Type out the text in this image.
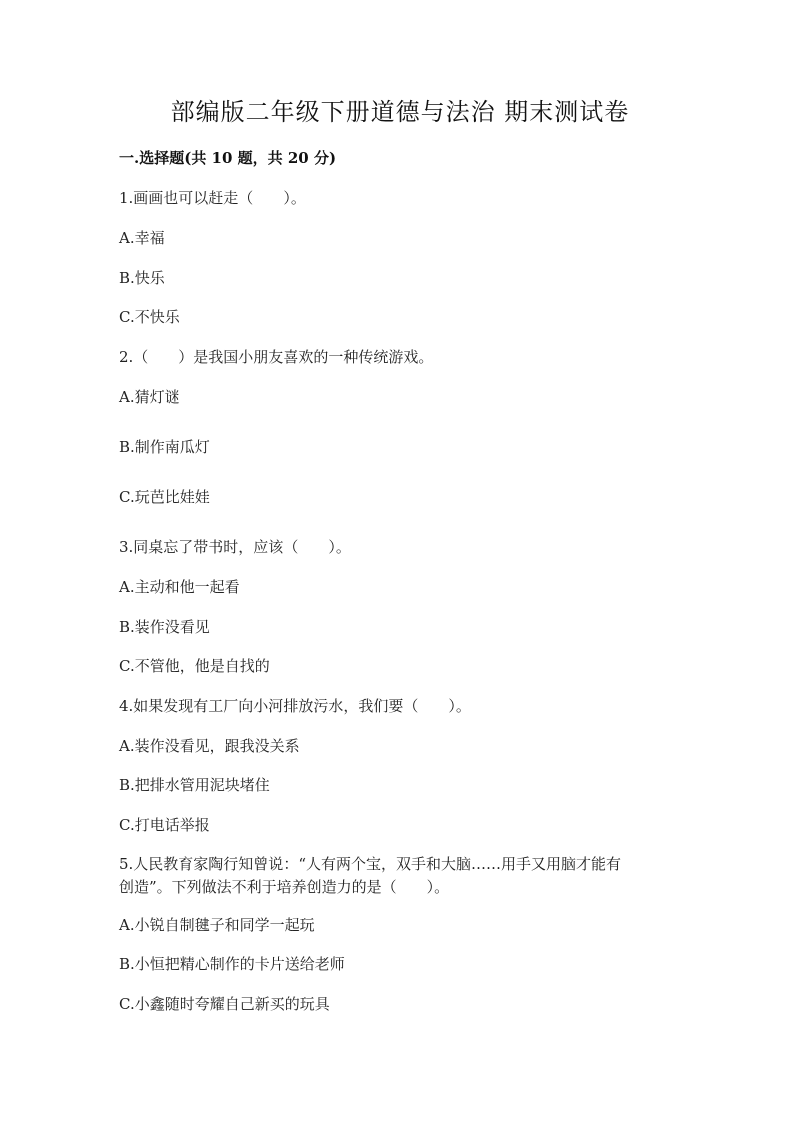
部编版二年级下册道德与法治 期末测试卷
一.选择题(共 10 题，共 20 分)
1.画画也可以赶走（　　）。
A.幸福
B.快乐
C.不快乐
2.（　　）是我国小朋友喜欢的一种传统游戏。
A.猜灯谜
B.制作南瓜灯
C.玩芭比娃娃
3.同桌忘了带书时，应该（　　）。
A.主动和他一起看
B.装作没看见
C.不管他，他是自找的
4.如果发现有工厂向小河排放污水，我们要（　　）。
A.装作没看见，跟我没关系
B.把排水管用泥块堵住
C.打电话举报
5.人民教育家陶行知曾说：“人有两个宝，双手和大脑……用手又用脑才能有
创造”。下列做法不利于培养创造力的是（　　）。
A.小锐自制毽子和同学一起玩
B.小恒把精心制作的卡片送给老师
C.小鑫随时夸耀自己新买的玩具
